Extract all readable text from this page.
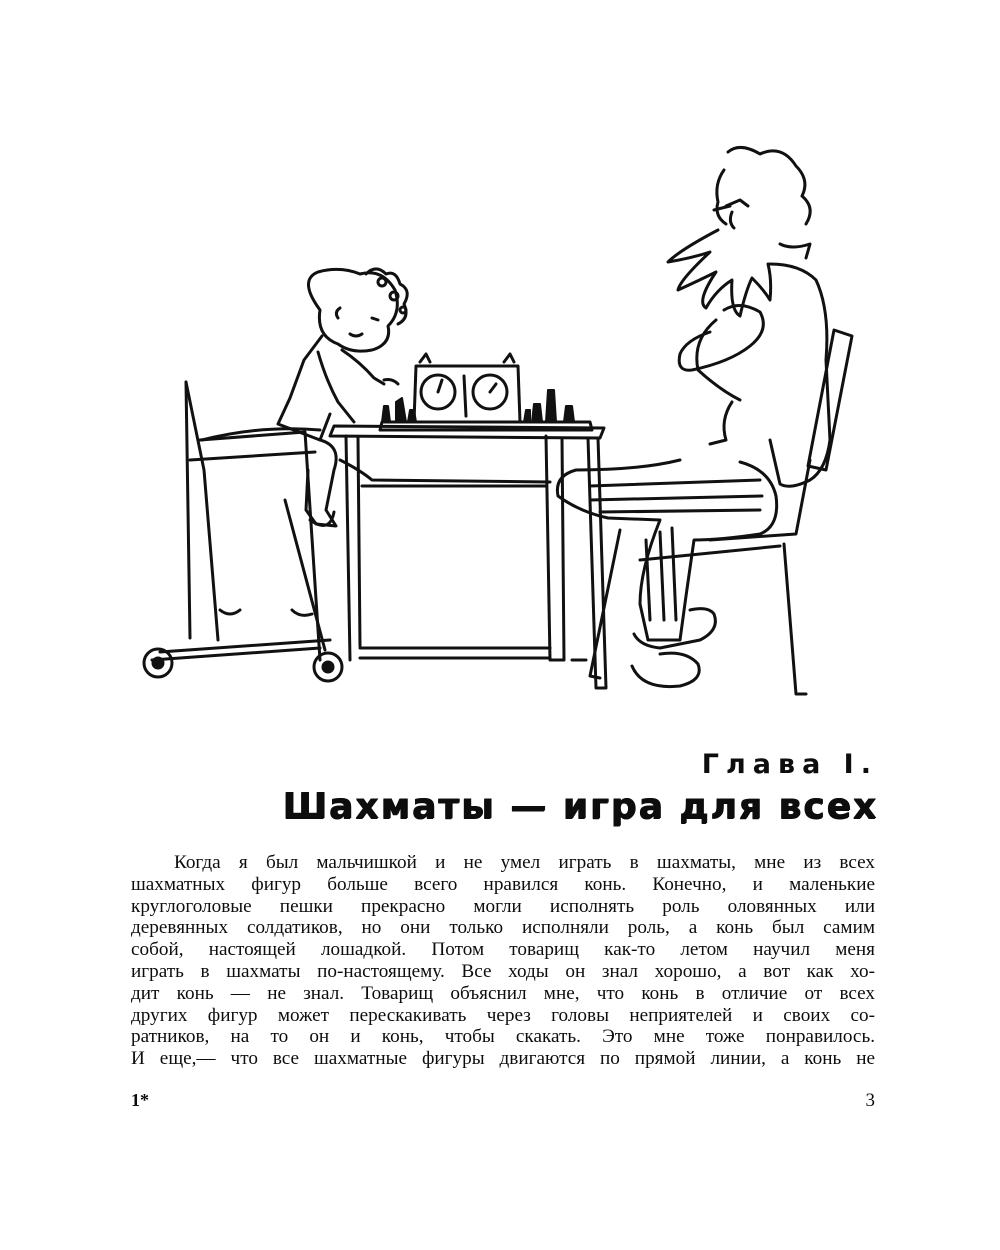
Глава I.
Шахматы — игра для всех
Когда я был мальчишкой и не умел играть в шахматы, мне из всех
шахматных фигур больше всего нравился конь. Конечно, и маленькие
круглоголовые пешки прекрасно могли исполнять роль оловянных или
деревянных солдатиков, но они только исполняли роль, а конь был самим
собой, настоящей лошадкой. Потом товарищ как-то летом научил меня
играть в шахматы по-настоящему. Все ходы он знал хорошо, а вот как хо-
дит конь — не знал. Товарищ объяснил мне, что конь в отличие от всех
других фигур может перескакивать через головы неприятелей и своих со-
ратников, на то он и конь, чтобы скакать. Это мне тоже понравилось.
И еще,— что все шахматные фигуры двигаются по прямой линии, а конь не
1*	3
